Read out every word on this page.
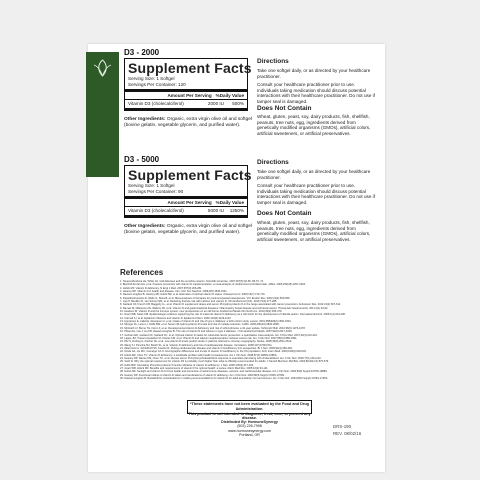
D3 - 2000
Supplement Facts
Serving Size: 1 Softgel
Servings Per Container: 120
Amount Per Serving %Daily Value
Vitamin D3 (cholecalciferol)	2000 IU	500%
Other Ingredients: Organic, extra virgin olive oil and softgel (bovine gelatin, vegetable glycerin, and purified water).
Directions
Take one softgel daily, or as directed by your healthcare practitioner.
Consult your healthcare practitioner prior to use. Individuals taking medication should discuss potential interactions with their healthcare practitioner. Do not use if tamper seal is damaged.
Does Not Contain
Wheat, gluten, yeast, soy, dairy products, fish, shellfish, peanuts, tree nuts, egg, ingredients derived from genetically modified organisms (GMOs), artificial colors, artificial sweeteners, or artificial preservatives.
D3 - 5000
Supplement Facts
Serving Size: 1 Softgel
Servings Per Container: 90
Amount Per Serving %Daily Value
Vitamin D3 (cholecalciferol)	5000 IU	1250%
Other Ingredients: Organic, extra virgin olive oil and softgel (bovine gelatin, vegetable glycerin, and purified water).
Directions
Take one softgel daily, or as directed by your healthcare practitioner.
Consult your healthcare practitioner prior to use. Individuals taking medication should discuss potential interactions with their healthcare practitioner. Do not use if tamper seal is damaged.
Does Not Contain
Wheat, gluten, yeast, soy, dairy products, fish, shellfish, peanuts, tree nuts, egg, ingredients derived from genetically modified organisms (GMOs), artificial colors, artificial sweeteners, or artificial preservatives.
References
1. Tavera-Mendoza LE, White JH. Cell defenses and the sunshine vitamin. Scientific American. 2007;297(5):62-65, 68-70, 72.
2. Bischoff-Ferrari HA, et al. Fracture prevention with vitamin D supplementation: a meta-analysis of randomized controlled trials. JAMA. 2005;293(18):2257-2264.
3. Holick MF. Vitamin D deficiency. N Engl J Med. 2007;357(3):266-281.
4. Heaney RP. Vitamin D in health and disease. Clin J Am Soc Nephrol. 2008;3(5):1535-1541.
5. Dawson-Hughes B, Heaney RP, Holick MF, et al. Estimates of optimal vitamin D status. Osteoporos Int. 2005;16(7):713-716.
6. Papadimitropoulos E, Wells G, Shea B, et al. Meta-analyses of therapies for postmenopausal osteoporosis. VIII. Endocr Rev. 2002;23(4):560-569.
7. Lips P, Bouillon R, van Schoor NM, et al. Reducing fracture risk with calcium and vitamin D. Clin Endocrinol (Oxf). 2010;73(3):277-285.
8. Garland CF, French CB, Baggerly LL, et al. Vitamin D supplement doses and serum 25-hydroxyvitamin D in the range associated with cancer prevention. Anticancer Res. 2011;31(2):607-611.
9. Raman M, Milestone AN, Walters JR, et al. Vitamin D and gastrointestinal diseases: inflammatory bowel disease and colorectal cancer. Therap Adv Gastroenterol. 2011;4(1):49-62.
10. Hewison M. Vitamin D and the immune system: new perspectives on an old theme. Endocrinol Metab Clin North Am. 2010;39(2):365-379.
11. Grant WB, Soles CM. Epidemiologic evidence supporting the role of maternal vitamin D deficiency as a risk factor for the development of infantile autism. Dermatoendocrinol. 2009;1(4):223-228.
12. Cannell JJ, et al. Epidemic influenza and vitamin D. Epidemiol Infect. 2006;134(6):1129-1140.
13. Hyppönen E, Läärä E, Reunanen A, et al. Intake of vitamin D and risk of type 1 diabetes: a birth-cohort study. Lancet. 2001;358(9292):1500-1503.
14. Munger KL, Levin LI, Hollis BW, et al. Serum 25-hydroxyvitamin D levels and risk of multiple sclerosis. JAMA. 2006;296(23):2832-2838.
15. McGrath JJ, Burne TH, Féron F, et al. Developmental vitamin D deficiency and risk of schizophrenia: a 10-year update. Schizophr Bull. 2010;36(6):1073-1078.
16. Pittas AG, Lau J, Hu FB, Dawson-Hughes B. The role of vitamin D and calcium in type 2 diabetes. J Clin Endocrinol Metab. 2007;92(6):2017-2029.
17. Gorham ED, Garland CF, Garland FC, et al. Optimal vitamin D status for colorectal cancer prevention: a quantitative meta analysis. Am J Prev Med. 2007;32(3):210-216.
18. Lappe JM, Travers-Gustafson D, Davies KM, et al. Vitamin D and calcium supplementation reduces cancer risk. Am J Clin Nutr. 2007;85(6):1586-1591.
19. Pilz S, Dobnig H, Fischer JE, et al. Low vitamin D levels predict stroke in patients referred to coronary angiography. Stroke. 2008;39(9):2611-2613.
20. Wang TJ, Pencina MJ, Booth SL, et al. Vitamin D deficiency and risk of cardiovascular disease. Circulation. 2008;117(4):503-511.
21. Zittermann A, Schleithoff SS, Koerfer R. Putting cardiovascular disease and vitamin D insufficiency into perspective. Br J Nutr. 2005;94(4):483-492.
22. Ginde AA, Liu MC, Camargo CA Jr. Demographic differences and trends of vitamin D insufficiency in the US population. Arch Intern Med. 2009;169(6):626-632.
23. Holick MF, Chen TC. Vitamin D deficiency: a worldwide problem with health consequences. Am J Clin Nutr. 2008;87(4):1080S-1086S.
24. Heaney RP, Davies KM, Chen TC, et al. Human serum 25-hydroxycholecalciferol response to extended oral dosing with cholecalciferol. Am J Clin Nutr. 2003;77(1):204-210.
25. Vieth R. Why the optimal requirement for vitamin D3 is probably much higher than what is officially recommended for adults. J Steroid Biochem Mol Biol. 2004;89-90(1-5):575-579.
26. Hollis BW. Circulating 25-hydroxyvitamin D levels indicative of vitamin D sufficiency. J Nutr. 2005;135(2):317-322.
27. Grant WB, Holick MF. Benefits and requirements of vitamin D for optimal health: a review. Altern Med Rev. 2005;10(2):94-111.
28. Holick MF. Sunlight and vitamin D for bone health and prevention of autoimmune diseases, cancers, and cardiovascular disease. Am J Clin Nutr. 2004;80(6 Suppl):1678S-1688S.
29. Heaney RP. Functional indices of vitamin D status and ramifications of vitamin D deficiency. Am J Clin Nutr. 2004;80(6 Suppl):1706S-1709S.
30. Dawson-Hughes B. Racial/ethnic considerations in making recommendations for vitamin D for adult and elderly men and women. Am J Clin Nutr. 2004;80(6 Suppl):1763S-1766S.
*These statements have not been evaluated by the Food and Drug Administration.
This product is not intended to diagnose, treat, cure, or prevent any disease.
Distributed By: HormoneSynergy
(503) 226-7998
www.hormonesynergy.com
Portland, OR
DRS-190
REV. 08/02/16
